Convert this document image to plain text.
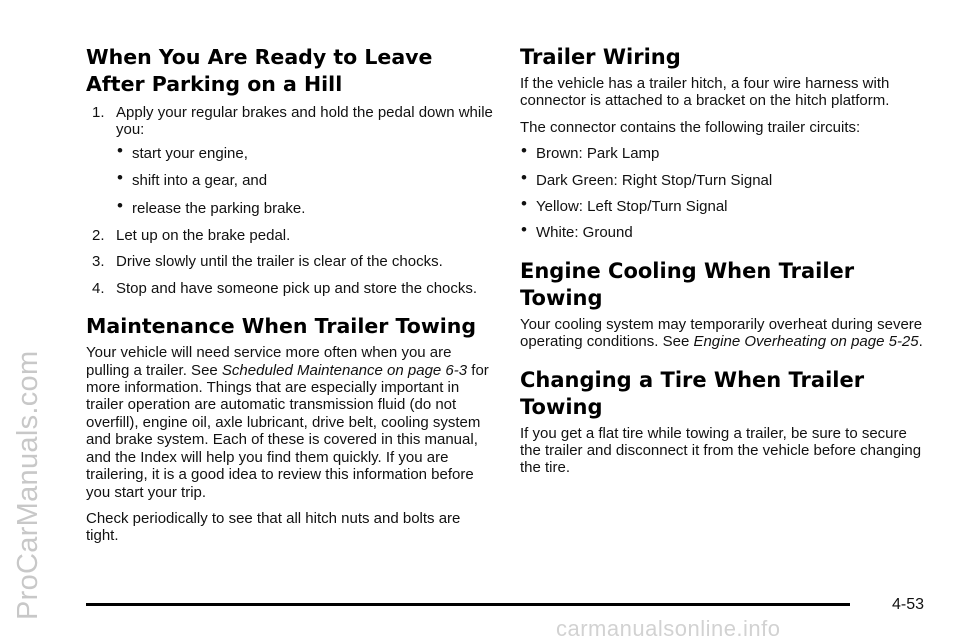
ProCarManuals.com
When You Are Ready to Leave After Parking on a Hill
1. Apply your regular brakes and hold the pedal down while you:
• start your engine,
• shift into a gear, and
• release the parking brake.
2. Let up on the brake pedal.
3. Drive slowly until the trailer is clear of the chocks.
4. Stop and have someone pick up and store the chocks.
Maintenance When Trailer Towing

Your vehicle will need service more often when you are pulling a trailer. See Scheduled Maintenance on page 6-3 for more information. Things that are especially important in trailer operation are automatic transmission fluid (do not overfill), engine oil, axle lubricant, drive belt, cooling system and brake system. Each of these is covered in this manual, and the Index will help you find them quickly. If you are trailering, it is a good idea to review this information before you start your trip.

Check periodically to see that all hitch nuts and bolts are tight.

Trailer Wiring

If the vehicle has a trailer hitch, a four wire harness with connector is attached to a bracket on the hitch platform.

The connector contains the following trailer circuits:

• Brown: Park Lamp
• Dark Green: Right Stop/Turn Signal
• Yellow: Left Stop/Turn Signal
• White: Ground
Engine Cooling When Trailer Towing

Your cooling system may temporarily overheat during severe operating conditions. See Engine Overheating on page 5-25.

Changing a Tire When Trailer Towing

If you get a flat tire while towing a trailer, be sure to secure the trailer and disconnect it from the vehicle before changing the tire.

4-53
carmanualsonline.info
